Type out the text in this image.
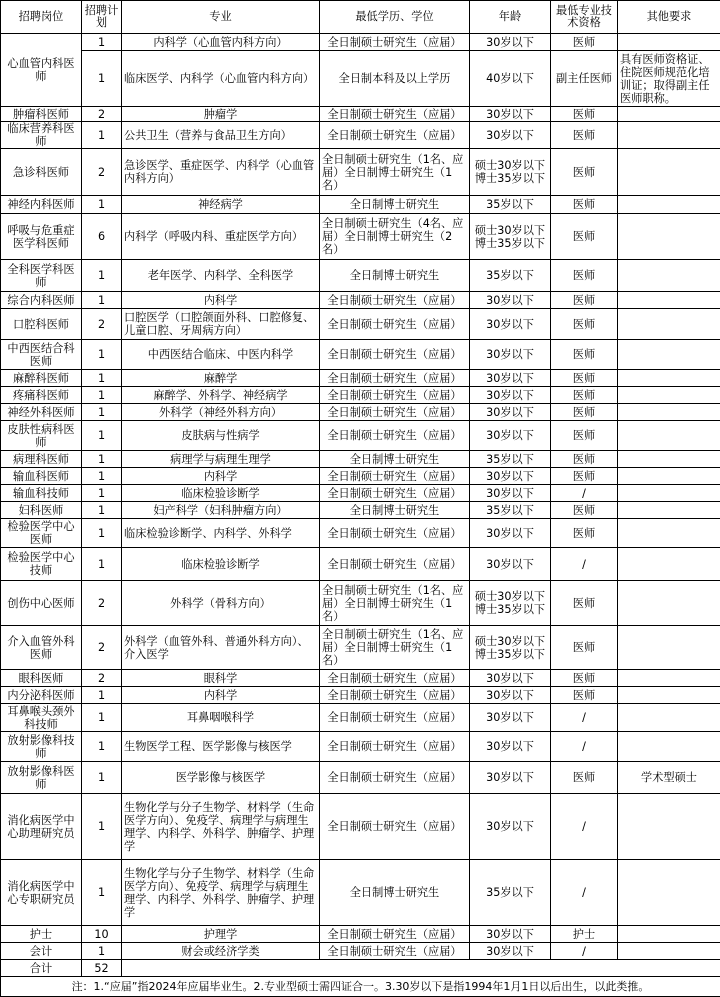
招聘岗位	招聘计划	专业	最低学历、学位	年龄	最低专业技术资格	其他要求
心血管内科医师	1	内科学（心血管内科方向）	全日制硕士研究生（应届）	30岁以下	医师	
	1	临床医学、内科学（心血管内科方向）	全日制本科及以上学历	40岁以下	副主任医师	具有医师资格证、住院医师规范化培训证；取得副主任医师职称。
肿瘤科医师	2	肿瘤学	全日制硕士研究生（应届）	30岁以下	医师	
临床营养科医师	1	公共卫生（营养与食品卫生方向）	全日制硕士研究生（应届）	30岁以下	医师	
急诊科医师	2	急诊医学、重症医学、内科学（心血管内科方向）	全日制硕士研究生（1名、应届）全日制博士研究生（1名）	硕士30岁以下博士35岁以下	医师	
神经内科医师	1	神经病学	全日制博士研究生	35岁以下	医师	
呼吸与危重症医学科医师	6	内科学（呼吸内科、重症医学方向）	全日制硕士研究生（4名、应届）全日制博士研究生（2名）	硕士30岁以下博士35岁以下	医师	
全科医学科医师	1	老年医学、内科学、全科医学	全日制博士研究生	35岁以下	医师	
综合内科医师	1	内科学	全日制硕士研究生（应届）	30岁以下	医师	
口腔科医师	2	口腔医学（口腔颌面外科、口腔修复、儿童口腔、牙周病方向）	全日制硕士研究生（应届）	30岁以下	医师	
中西医结合科医师	1	中西医结合临床、中医内科学	全日制硕士研究生（应届）	30岁以下	医师	
麻醉科医师	1	麻醉学	全日制硕士研究生（应届）	30岁以下	医师	
疼痛科医师	1	麻醉学、外科学、神经病学	全日制硕士研究生（应届）	30岁以下	医师	
神经外科医师	1	外科学（神经外科方向）	全日制硕士研究生（应届）	30岁以下	医师	
皮肤性病科医师	1	皮肤病与性病学	全日制硕士研究生（应届）	30岁以下	医师	
病理科医师	1	病理学与病理生理学	全日制博士研究生	35岁以下	医师	
输血科医师	1	内科学	全日制硕士研究生（应届）	30岁以下	医师	
输血科技师	1	临床检验诊断学	全日制硕士研究生（应届）	30岁以下	/	
妇科医师	1	妇产科学（妇科肿瘤方向）	全日制博士研究生	35岁以下	医师	
检验医学中心医师	1	临床检验诊断学、内科学、外科学	全日制硕士研究生（应届）	30岁以下	医师	
检验医学中心技师	1	临床检验诊断学	全日制硕士研究生（应届）	30岁以下	/	
创伤中心医师	2	外科学（骨科方向）	全日制硕士研究生（1名、应届）全日制博士研究生（1名）	硕士30岁以下博士35岁以下	医师	
介入血管外科医师	2	外科学（血管外科、普通外科方向）、介入医学	全日制硕士研究生（1名、应届）全日制博士研究生（1名）	硕士30岁以下博士35岁以下	医师	
眼科医师	2	眼科学	全日制硕士研究生（应届）	30岁以下	医师	
内分泌科医师	1	内科学	全日制硕士研究生（应届）	30岁以下	医师	
耳鼻喉头颈外科技师	1	耳鼻咽喉科学	全日制硕士研究生（应届）	30岁以下	/	
放射影像科技师	1	生物医学工程、医学影像与核医学	全日制硕士研究生（应届）	30岁以下	/	
放射影像科医师	1	医学影像与核医学	全日制硕士研究生（应届）	30岁以下	医师	学术型硕士
消化病医学中心助理研究员	1	生物化学与分子生物学、材料学（生命医学方向）、免疫学、病理学与病理生理学、内科学、外科学、肿瘤学、护理学	全日制硕士研究生（应届）	30岁以下	/	
消化病医学中心专职研究员	1	生物化学与分子生物学、材料学（生命医学方向）、免疫学、病理学与病理生理学、内科学、外科学、肿瘤学、护理学	全日制博士研究生	35岁以下	/	
护士	10	护理学	全日制硕士研究生（应届）	30岁以下	护士	
会计	1	财会或经济学类	全日制硕士研究生（应届）	30岁以下	/	
合计	52					
注：1.“应届”指2024年应届毕业生。2.专业型硕士需四证合一。3.30岁以下是指1994年1月1日以后出生，以此类推。						
